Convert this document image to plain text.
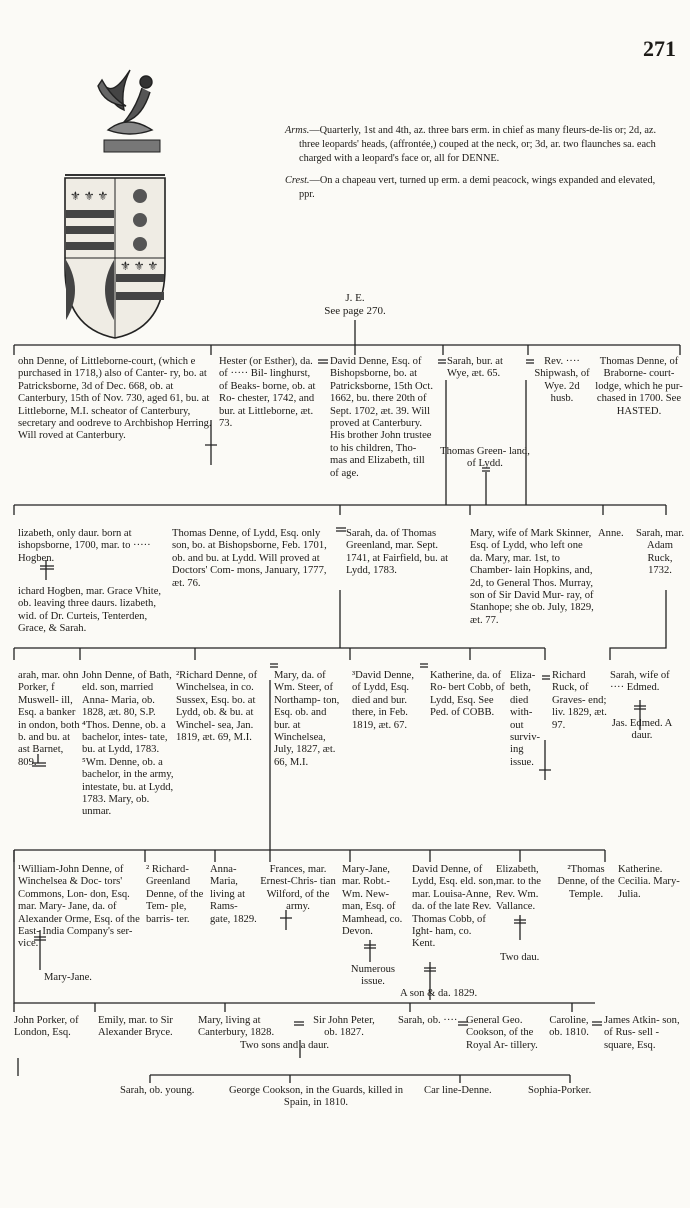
271
⚜ ⚜ ⚜
⚜ ⚜ ⚜

Arms.—Quarterly, 1st and 4th, az. three bars erm. in chief as many fleurs-de-lis or; 2d, az. three leopards' heads, (affrontée,) couped at the neck, or; 3d, ar. two flaunches sa. each charged with a leopard's face or, all for DENNE.

Crest.—On a chapeau vert, turned up erm. a demi peacock, wings expanded and elevated, ppr.

J. E.
See page 270.
ohn Denne, of Littleborne-court, (which e purchased in 1718,) also of Canter- ry, bo. at Patricksborne, 3d of Dec. 668, ob. at Canterbury, 15th of Nov. 730, aged 61, bu. at Littleborne, M.I. scheator of Canterbury, secretary and oodreve to Archbishop Herring. Will roved at Canterbury.
Hester (or Esther), da. of ····· Bil- linghurst, of Beaks- borne, ob. at Ro- chester, 1742, and bur. at Littleborne, æt. 73.
David Denne, Esq. of Bishopsborne, bo. at Patricksborne, 15th Oct. 1662, bu. there 20th of Sept. 1702, æt. 39. Will proved at Canterbury. His brother John trustee to his children, Tho- mas and Elizabeth, till of age.
Sarah, bur. at Wye, æt. 65.
Thomas Green- land, of Lydd.
Rev. ···· Shipwash, of Wye. 2d husb.
Thomas Denne, of Braborne- court-lodge, which he pur- chased in 1700. See HASTED.
lizabeth, only daur. born at ishopsborne, 1700, mar. to ····· Hogben.
ichard Hogben, mar. Grace Vhite, ob. leaving three daurs. lizabeth, wid. of Dr. Curteis, Tenterden, Grace, & Sarah.
Thomas Denne, of Lydd, Esq. only son, bo. at Bishopsborne, Feb. 1701, ob. and bu. at Lydd. Will proved at Doctors' Com- mons, January, 1777, æt. 76.
Sarah, da. of Thomas Greenland, mar. Sept. 1741, at Fairfield, bu. at Lydd, 1783.
Mary, wife of Mark Skinner, Esq. of Lydd, who left one da. Mary, mar. 1st, to Chamber- lain Hopkins, and, 2d, to General Thos. Murray, son of Sir David Mur- ray, of Stanhope; she ob. July, 1829, æt. 77.
Anne.	Sarah, mar. Adam Ruck, 1732.
arah, mar. ohn Porker, f Muswell- ill, Esq. a banker in ondon, both b. and bu. at ast Barnet, 809.
John Denne, of Bath, eld. son, married Anna- Maria, ob. 1828, æt. 80, S.P. ⁴Thos. Denne, ob. a bachelor, intes- tate, bu. at Lydd, 1783. ⁵Wm. Denne, ob. a bachelor, in the army, intestate, bu. at Lydd, 1783. Mary, ob. unmar.
²Richard Denne, of Winchelsea, in co. Sussex, Esq. bo. at Lydd, ob. & bu. at Winchel- sea, Jan. 1819, æt. 69, M.I.
Mary, da. of Wm. Steer, of Northamp- ton, Esq. ob. and bur. at Winchelsea, July, 1827, æt. 66, M.I.
³David Denne, of Lydd, Esq. died and bur. there, in Feb. 1819, æt. 67.
Katherine, da. of Ro- bert Cobb, of Lydd, Esq. See Ped. of COBB.
Eliza- beth, died with- out surviv- ing issue.
Richard Ruck, of Graves- end; liv. 1829, æt. 97.
Sarah, wife of ···· Edmed.
Jas. Edmed. A daur.
¹William-John Denne, of Winchelsea & Doc- tors' Commons, Lon- don, Esq. mar. Mary- Jane, da. of Alexander Orme, Esq. of the East- India Company's ser- vice.
Mary-Jane.
² Richard- Greenland Denne, of the Tem- ple, barris- ter.
Anna- Maria, living at Rams- gate, 1829.
Frances, mar. Ernest-Chris- tian Wilford, of the army.
Mary-Jane, mar. Robt.- Wm. New- man, Esq. of Mamhead, co. Devon.
Numerous issue.
David Denne, of Lydd, Esq. eld. son, mar. Louisa-Anne, da. of the late Rev. Thomas Cobb, of Ight- ham, co. Kent.
A son & da. 1829.
Elizabeth, mar. to the Rev. Wm. Vallance.
Two dau.
²Thomas Denne, of the Temple.
Katherine. Cecilia. Mary-Julia.
John Porker, of London, Esq.
Emily, mar. to Sir Alexander Bryce.
Mary, living at Canterbury, 1828.
Sir John Peter, ob. 1827.
Two sons and a daur.
Sarah, ob. ···· General Geo. Cookson, of the Royal Ar- tillery.
Caroline, ob. 1810.
James Atkin- son, of Rus- sell - square, Esq.
Sarah, ob. young.	George Cookson, in the Guards, killed in Spain, in 1810.
Car line-Denne.	Sophia-Porker.
